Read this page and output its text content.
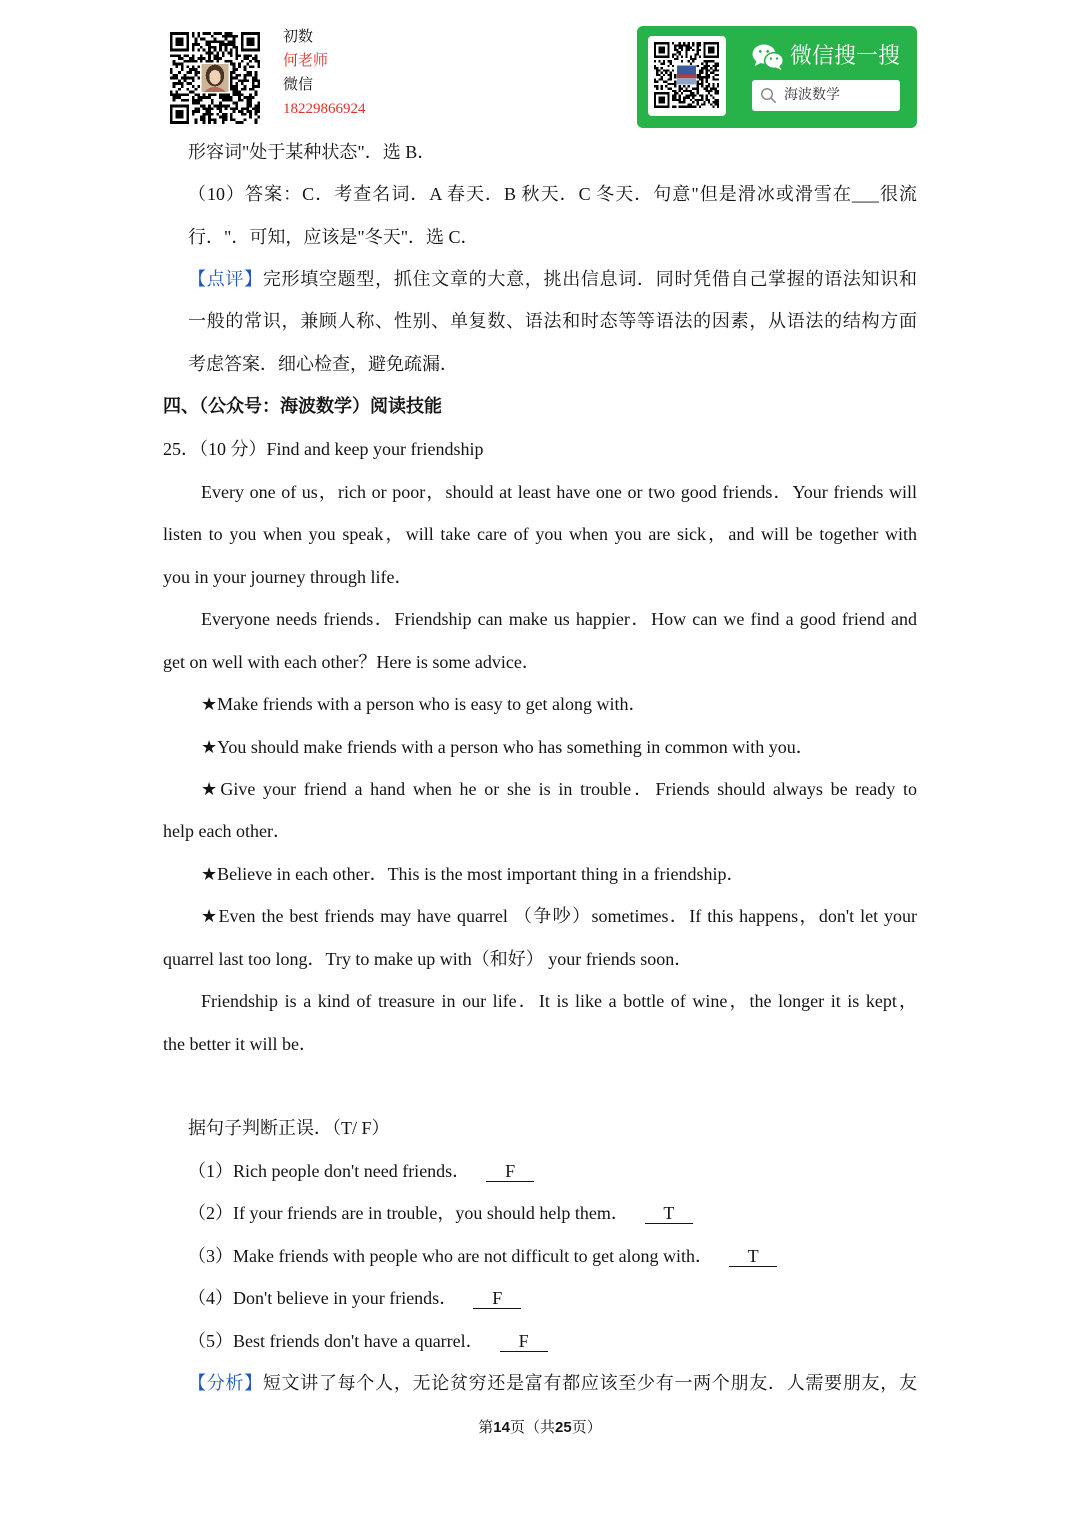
初数
何老师
微信
18229866924
微信搜一搜
海波数学
形容词"处于某种状态"．选 B．
（10）答案：C．考查名词．A 春天．B 秋天．C 冬天．句意"但是滑冰或滑雪在___很流
行．"．可知，应该是"冬天"．选 C．
【点评】完形填空题型，抓住文章的大意，挑出信息词．同时凭借自己掌握的语法知识和
一般的常识，兼顾人称、性别、单复数、语法和时态等等语法的因素，从语法的结构方面
考虑答案．细心检查，避免疏漏．
四、（公众号：海波数学）阅读技能
25．（10 分）Find and keep your friendship
Every one of us，rich or poor，should at least have one or two good friends．Your friends will
listen to you when you speak，will take care of you when you are sick，and will be together with
you in your journey through life．
Everyone needs friends．Friendship can make us happier．How can we find a good friend and
get on well with each other？Here is some advice．
★Make friends with a person who is easy to get along with．
★You should make friends with a person who has something in common with you．
★Give your friend a hand when he or she is in trouble．Friends should always be ready to
help each other．
★Believe in each other．This is the most important thing in a friendship．
★Even the best friends may have quarrel （争吵）sometimes．If this happens，don't let your
quarrel last too long．Try to make up with（和好） your friends soon．
Friendship is a kind of treasure in our life．It is like a bottle of wine，the longer it is kept，
the better it will be．
据句子判断正误．（T/ F）
（1）Rich people don't need friends． F
（2）If your friends are in trouble，you should help them． T
（3）Make friends with people who are not difficult to get along with． T
（4）Don't believe in your friends． F
（5）Best friends don't have a quarrel． F
【分析】短文讲了每个人，无论贫穷还是富有都应该至少有一两个朋友．人需要朋友，友
第14页（共25页）
